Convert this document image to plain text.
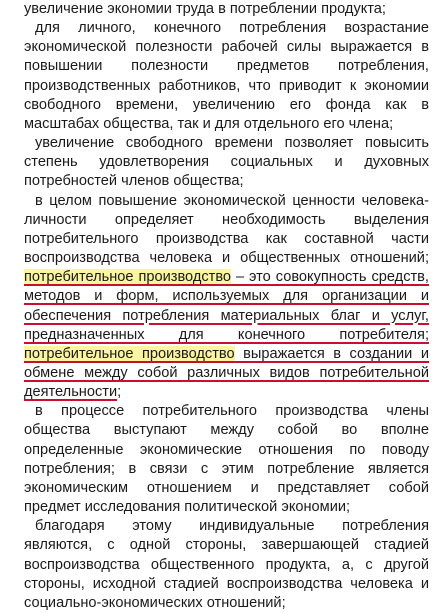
увеличение экономии труда в потреблении продукта;

для личного, конечного потребления возрастание экономической полезности рабочей силы выражается в повышении полезности предметов потребления, производственных работников, что приводит к экономии свободного времени, увеличению его фонда как в масштабах общества, так и для отдельного его члена;

увеличение свободного времени позволяет повысить степень удовлетворения социальных и духовных потребностей членов общества;

в целом повышение экономической ценности человека-личности определяет необходимость выделения потребительного производства как составной части воспроизводства человека и общественных отношений; потребительное производство – это совокупность средств, методов и форм, используемых для организации и обеспечения потребления материальных благ и услуг, предназначенных для конечного потребителя; потребительное производство выражается в создании и обмене между собой различных видов потребительной деятельности;

в процессе потребительного производства члены общества выступают между собой во вполне определенные экономические отношения по поводу потребления; в связи с этим потребление является экономическим отношением и представляет собой предмет исследования политической экономии;

благодаря этому индивидуальные потребления являются, с одной стороны, завершающей стадией воспроизводства общественного продукта, а, с другой стороны, исходной стадией воспроизводства человека и социально-экономических отношений;
